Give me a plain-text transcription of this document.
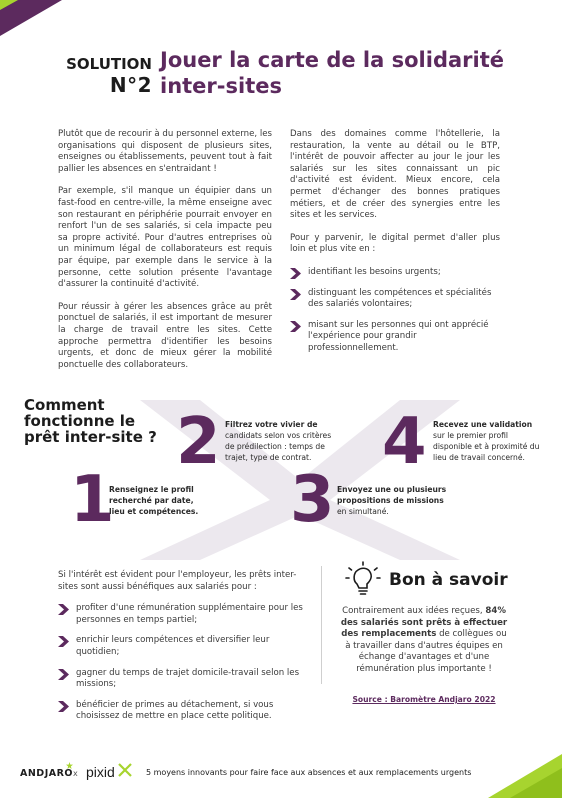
SOLUTION
N°2
Jouer la carte de la solidarité
inter-sites

Plutôt que de recourir à du personnel externe, les organisations qui disposent de plusieurs sites, enseignes ou établissements, peuvent tout à fait pallier les absences en s'entraidant !

Par exemple, s'il manque un équipier dans un fast-food en centre-ville, la même enseigne avec son restaurant en périphérie pourrait envoyer en renfort l'un de ses salariés, si cela impacte peu sa propre activité. Pour d'autres entreprises où un minimum légal de collaborateurs est requis par équipe, par exemple dans le service à la personne, cette solution présente l'avantage d'assurer la continuité d'activité.

Pour réussir à gérer les absences grâce au prêt ponctuel de salariés, il est important de mesurer la charge de travail entre les sites. Cette approche permettra d'identifier les besoins urgents, et donc de mieux gérer la mobilité ponctuelle des collaborateurs.

Dans des domaines comme l'hôtellerie, la restauration, la vente au détail ou le BTP, l'intérêt de pouvoir affecter au jour le jour les salariés sur les sites connaissant un pic d'activité est évident. Mieux encore, cela permet d'échanger des bonnes pratiques métiers, et de créer des synergies entre les sites et les services.

Pour y parvenir, le digital permet d'aller plus loin et plus vite en :

identifiant les besoins urgents;
distinguant les compétences et spécialités des salariés volontaires;
misant sur les personnes qui ont apprécié l'expérience pour grandir professionnellement.
Comment fonctionne le prêt inter-site ?
1
Renseignez le profil recherché par date, lieu et compétences.
2 Filtrez votre vivier de candidats selon vos critères de prédilection : temps de trajet, type de contrat.
3 Envoyez une ou plusieurs propositions de missions en simultané.
4 Recevez une validation sur le premier profil disponible et à proximité du lieu de travail concerné.

Si l'intérêt est évident pour l'employeur, les prêts inter-sites sont aussi bénéfiques aux salariés pour :

profiter d'une rémunération supplémentaire pour les personnes en temps partiel;
enrichir leurs compétences et diversifier leur quotidien;
gagner du temps de trajet domicile-travail selon les missions;
bénéficier de primes au détachement, si vous choisissez de mettre en place cette politique.
Bon à savoir

Contrairement aux idées reçues, 84% des salariés sont prêts à effectuer des remplacements de collègues ou à travailler dans d'autres équipes en échange d'avantages et d'une rémunération plus importante !

Source : Baromètre Andjaro 2022
ANDJARO x pixid	5 moyens innovants pour faire face aux absences et aux remplacements urgents	5
